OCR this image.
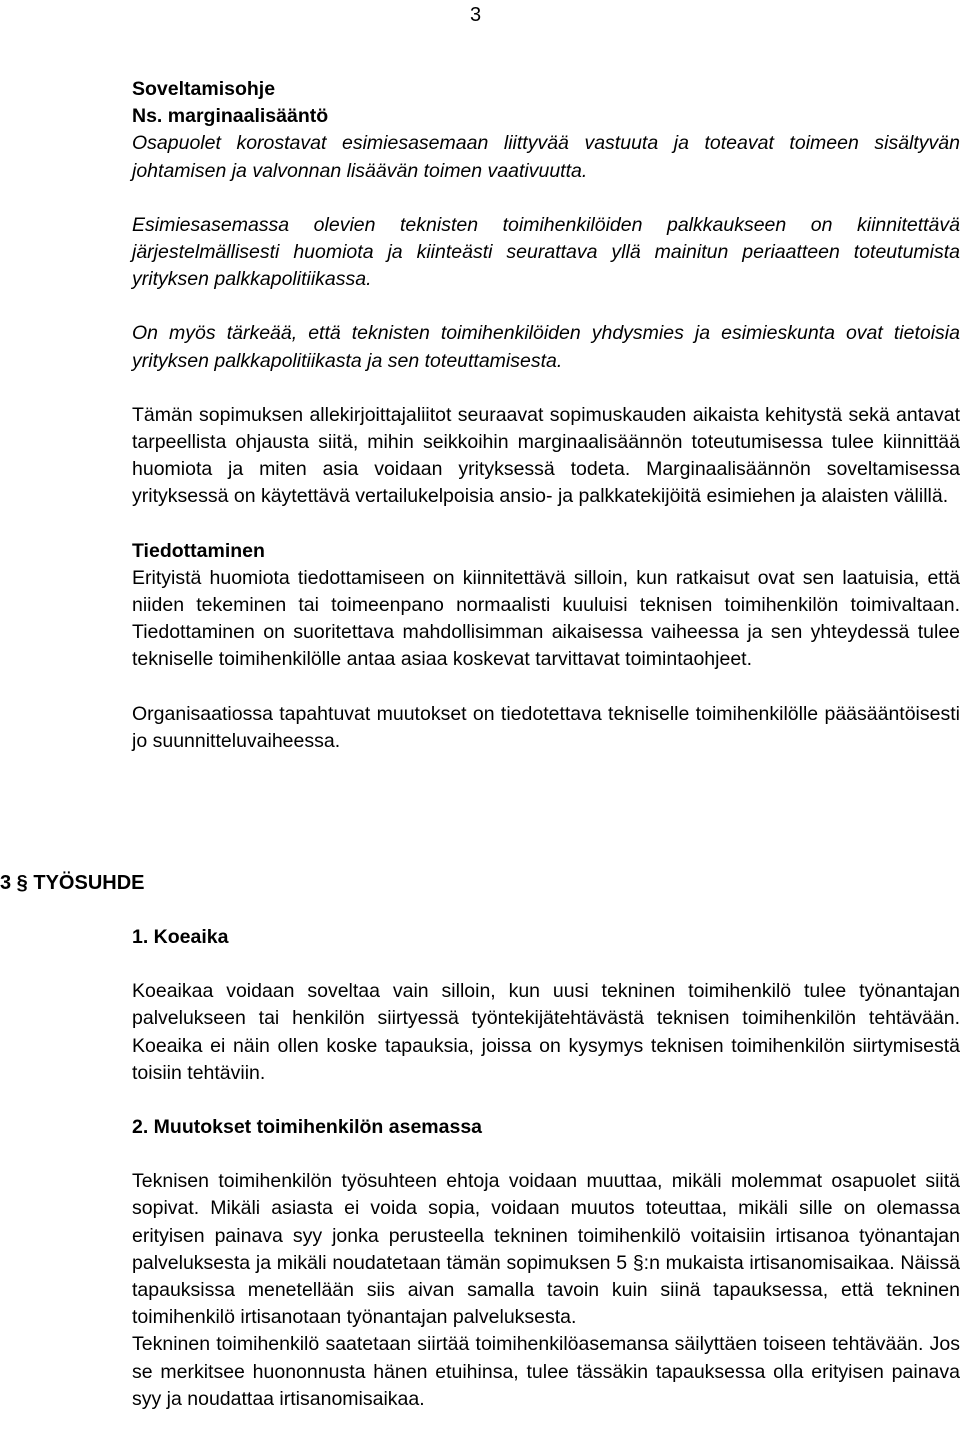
3

Soveltamisohje

Ns. marginaalisääntö

Osapuolet korostavat esimiesasemaan liittyvää vastuuta ja toteavat toimeen sisältyvän johtamisen ja valvonnan lisäävän toimen vaativuutta.

Esimiesasemassa olevien teknisten toimihenkilöiden palkkaukseen on kiinnitettävä järjestelmällisesti huomiota ja kiinteästi seurattava yllä mainitun periaatteen toteutumista yrityksen palkkapolitiikassa.

On myös tärkeää, että teknisten toimihenkilöiden yhdysmies ja esimieskunta ovat tietoisia yrityksen palkkapolitiikasta ja sen toteuttamisesta.

Tämän sopimuksen allekirjoittajaliitot seuraavat sopimuskauden aikaista kehitystä sekä antavat tarpeellista ohjausta siitä, mihin seikkoihin marginaalisäännön toteutumisessa tulee kiinnittää huomiota ja miten asia voidaan yrityksessä todeta. Marginaalisäännön soveltamisessa yrityksessä on käytettävä vertailukelpoisia ansio- ja palkkatekijöitä esimiehen ja alaisten välillä.

Tiedottaminen

Erityistä huomiota tiedottamiseen on kiinnitettävä silloin, kun ratkaisut ovat sen laatuisia, että niiden tekeminen tai toimeenpano normaalisti kuuluisi teknisen toimihenkilön toimivaltaan. Tiedottaminen on suoritettava mahdollisimman aikaisessa vaiheessa ja sen yhteydessä tulee tekniselle toimihenkilölle antaa asiaa koskevat tarvittavat toimintaohjeet.

Organisaatiossa tapahtuvat muutokset on tiedotettava tekniselle toimihenkilölle pääsääntöisesti jo suunnitteluvaiheessa.

3 § TYÖSUHDE

1. Koeaika

Koeaikaa voidaan soveltaa vain silloin, kun uusi tekninen toimihenkilö tulee työnantajan palvelukseen tai henkilön siirtyessä työntekijätehtävästä teknisen toimihenkilön tehtävään. Koeaika ei näin ollen koske tapauksia, joissa on kysymys teknisen toimihenkilön siirtymisestä toisiin tehtäviin.

2. Muutokset toimihenkilön asemassa

Teknisen toimihenkilön työsuhteen ehtoja voidaan muuttaa, mikäli molemmat osapuolet siitä sopivat. Mikäli asiasta ei voida sopia, voidaan muutos toteuttaa, mikäli sille on olemassa erityisen painava syy jonka perusteella tekninen toimihenkilö voitaisiin irtisanoa työnantajan palveluksesta ja mikäli noudatetaan tämän sopimuksen 5 §:n mukaista irtisanomisaikaa. Näissä tapauksissa menetellään siis aivan samalla tavoin kuin siinä tapauksessa, että tekninen toimihenkilö irtisanotaan työnantajan palveluksesta.

Tekninen toimihenkilö saatetaan siirtää toimihenkilöasemansa säilyttäen toiseen tehtävään. Jos se merkitsee huononnusta hänen etuihinsa, tulee tässäkin tapauksessa olla erityisen painava syy ja noudattaa irtisanomisaikaa.
